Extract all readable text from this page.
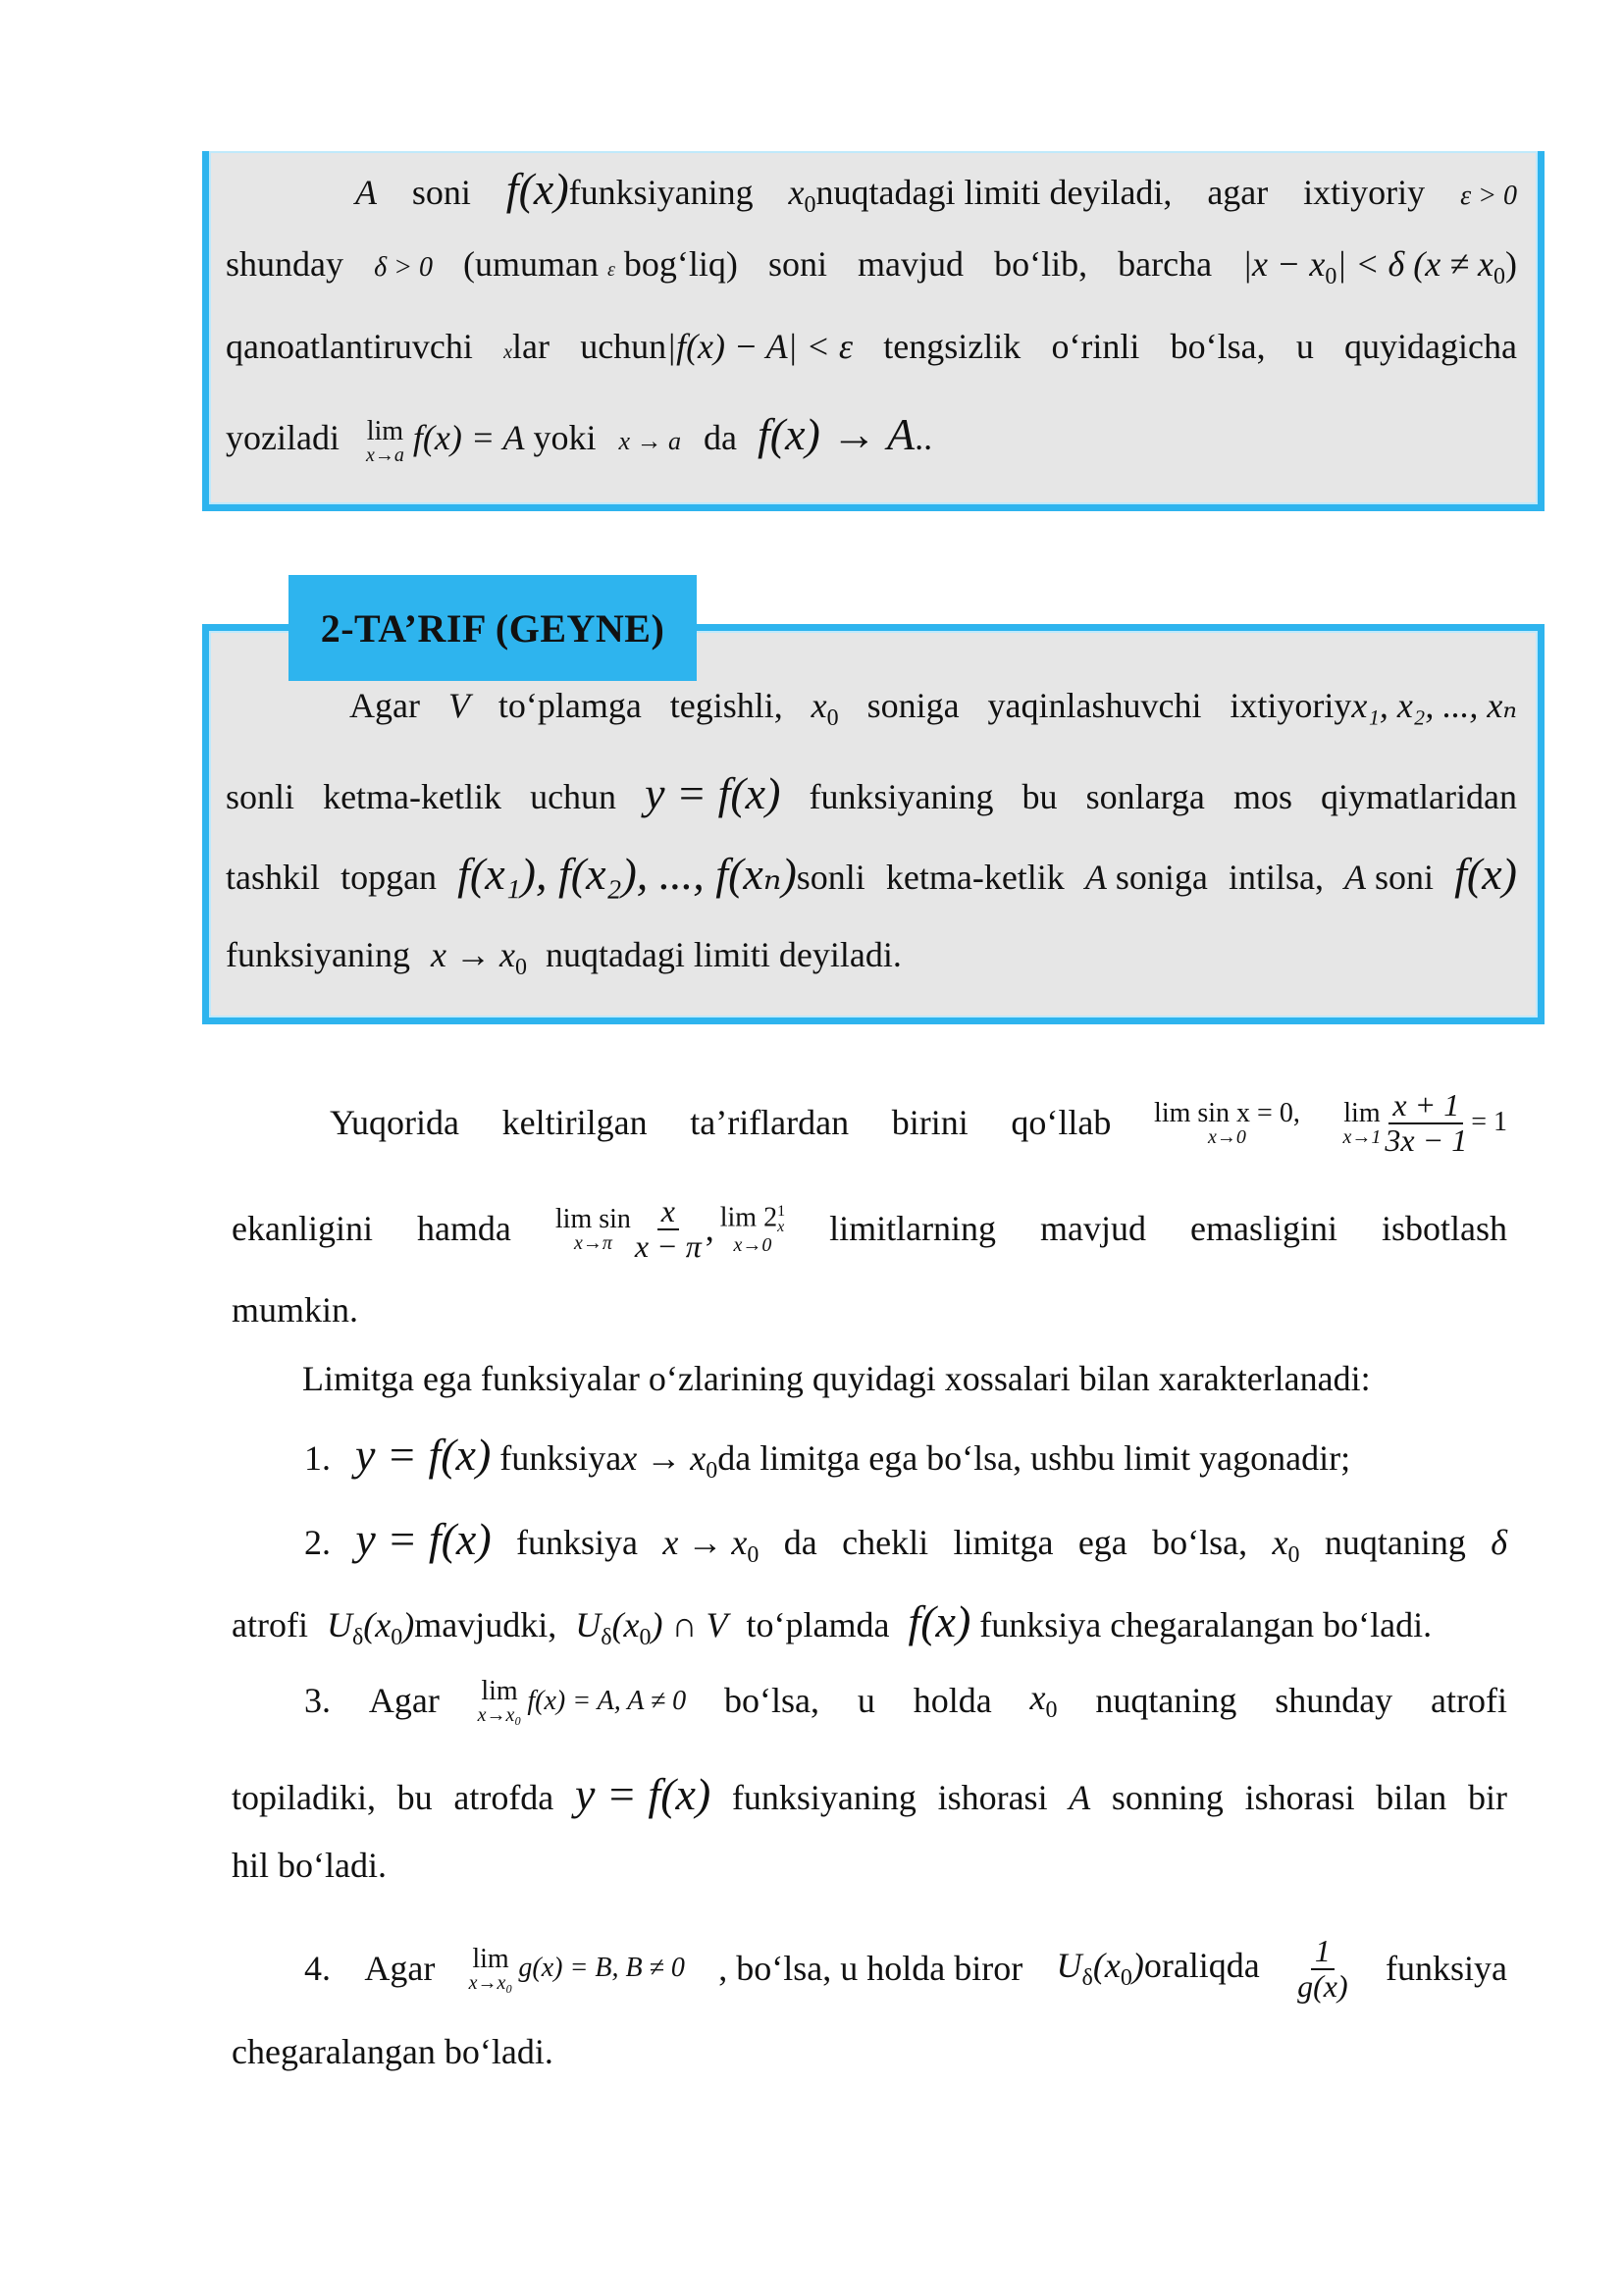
A soni f(x)funksiyaning $x_0nuqtadagi$ limiti deyiladi, agar ixtiyoriy ε > 0
shunday δ > 0 (umuman ε bog‘liq) soni mavjud bo‘lib, barcha $|x - x_0| < \delta$ $(x \ne x_0)$
qanoatlantiruvchi xlar uchun|f(x) − A| < ε tengsizlik o‘rinli bo‘lsa, u quyidagicha
yoziladi lim
x→a f(x) = A yoki x → a da f(x) → A..
2-TA’RIF (GEYNE)
Agar V to‘plamga tegishli, $x_0$ soniga yaqinlashuvchi ixtiyoriyx₁, x₂, ..., xₙ
sonli ketma-ketlik uchun y = f(x) funksiyaning bu sonlarga mos qiymatlaridan
tashkil topgan f(x₁), f(x₂), ..., f(xₙ)sonli ketma-ketlik A soniga intilsa, A soni f(x)
funksiyaning $x \to x_0$ nuqtadagi limiti deyiladi.
Yuqorida keltirilgan ta’riflardan birini qo‘llab lim sin x = 0,
x→0
lim
$x\to 1 \frac{x + 1}{3x - 1} = 1$
ekanligini hamda lim sin
$x\to\pi \frac{x}{x - \pi}$ , lim 2 $^{1 x}$
x→0 limitlarning mavjud emasligini isbotlash
mumkin.
Limitga ega funksiyalar o‘zlarining quyidagi xossalari bilan xarakterlanadi:
1. y = f(x) funksiyax → $x_0da$ limitga ega bo‘lsa, ushbu limit yagonadir;
2. y = f(x) funksiya $x \to x_0$ da chekli limitga ega bo‘lsa, $x_0$ nuqtaning δ
atrofi $U_\delta(x_0)mavjudki$, $U_\delta(x_0)$ ∩ V to‘plamda f(x) funksiya chegaralangan bo‘ladi.
3. Agar lim
x→x₀ f(x) = A, A ≠ 0 bo‘lsa, u holda $x_0$ nuqtaning shunday atrofi
topiladiki, bu atrofda y = f(x) funksiyaning ishorasi A sonning ishorasi bilan bir
hil bo‘ladi.
4. Agar lim
x→x₀ g(x) = B, B ≠ 0 , bo‘lsa, u holda biror $U_\delta(x_0)oraliqda \frac{1}{g(x)}$ funksiya
chegaralangan bo‘ladi.
